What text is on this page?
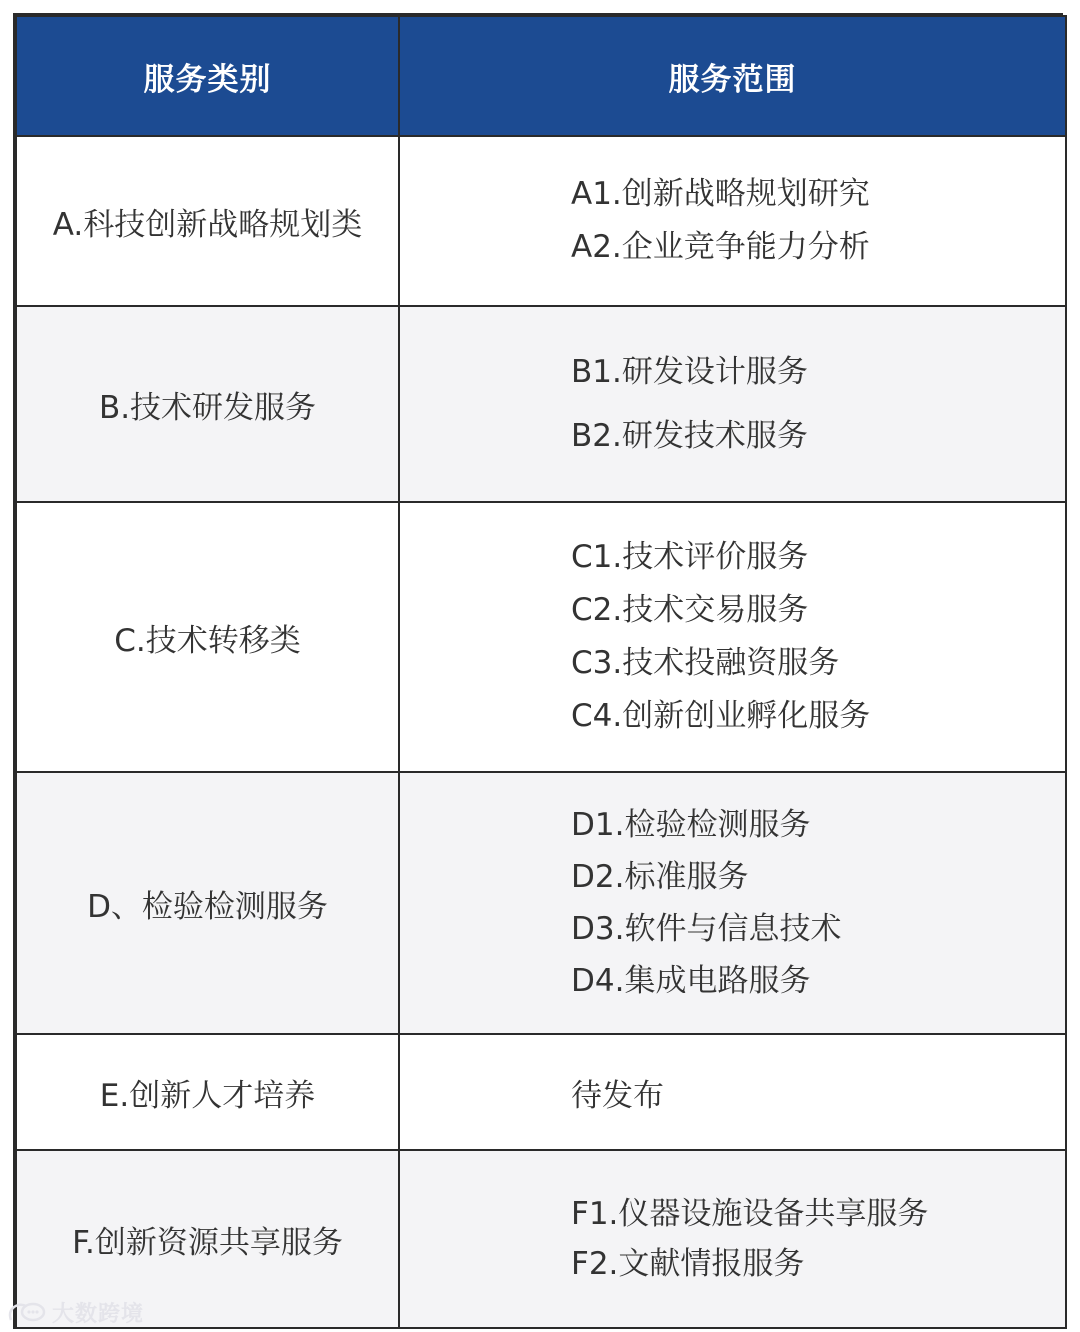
服务类别	服务范围
A.科技创新战略规划类	A1.创新战略规划研究
A2.企业竞争能力分析

B.技术研发服务	B1.研发设计服务
B2.研发技术服务

C.技术转移类	C1.技术评价服务
C2.技术交易服务
C3.技术投融资服务
C4.创新创业孵化服务

D、检验检测服务	D1.检验检测服务
D2.标准服务
D3.软件与信息技术
D4.集成电路服务

E.创新人才培养	待发布

F.创新资源共享服务	F1.仪器设施设备共享服务
F2.文献情报服务
大数跨境
